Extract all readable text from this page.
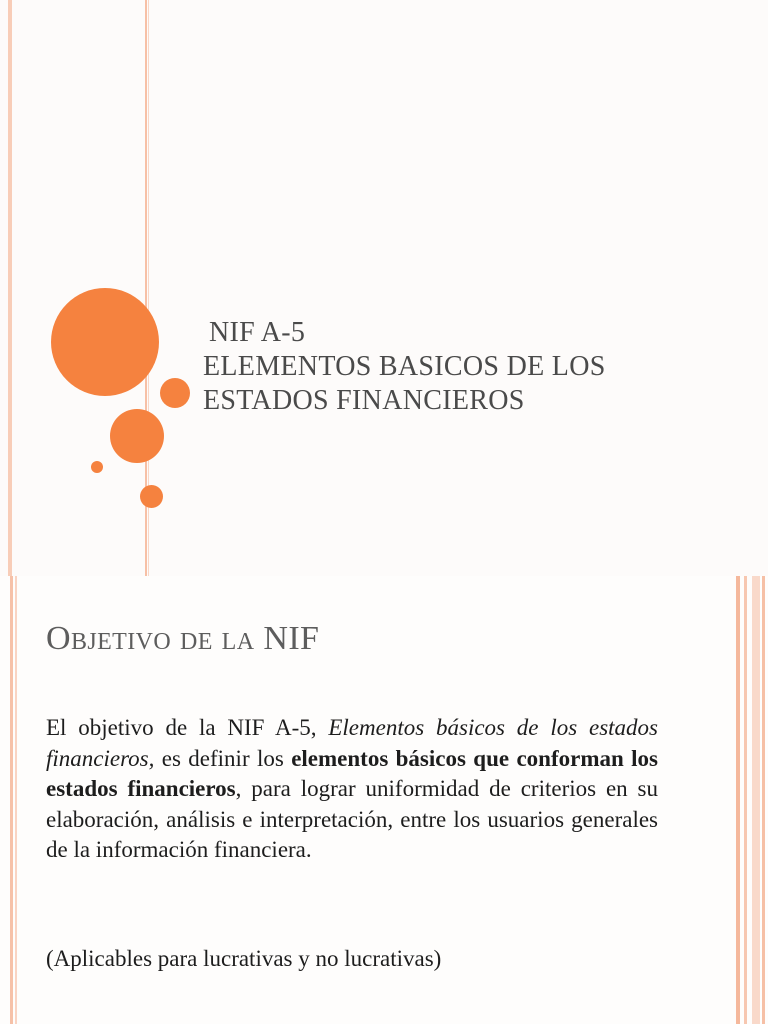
NIF A-5
ELEMENTOS BASICOS DE LOS
ESTADOS FINANCIEROS
Objetivo de la NIF
El objetivo de la NIF A-5, Elementos básicos de los estados financieros, es definir los elementos básicos que conforman los estados financieros, para lograr uniformidad de criterios en su elaboración, análisis e interpretación, entre los usuarios generales de la información financiera.
(Aplicables para lucrativas y no lucrativas)
